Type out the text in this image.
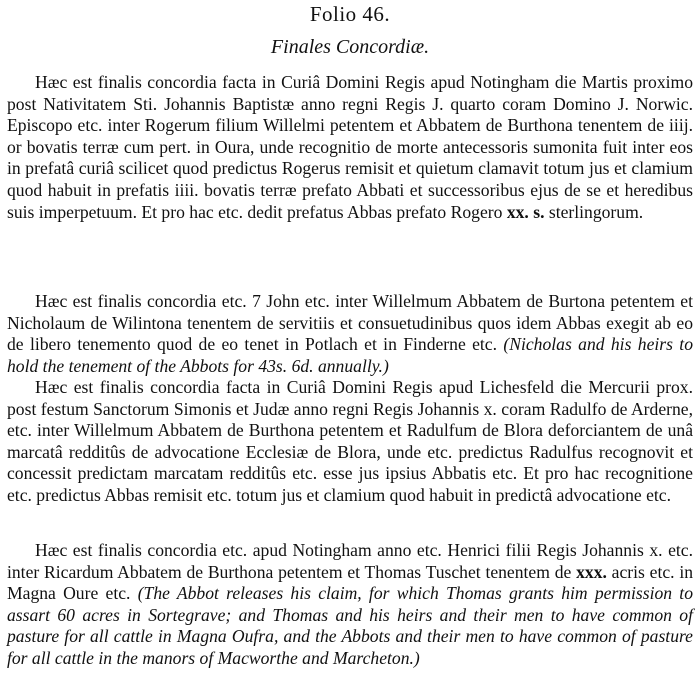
Folio 46.
Finales Concordiæ.

Hæc est finalis concordia facta in Curiâ Domini Regis apud Notingham die Martis proximo post Nativitatem Sti. Johannis Baptistæ anno regni Regis J. quarto coram Domino J. Norwic. Episcopo etc. inter Rogerum filium Willelmi petentem et Abbatem de Burthona tenentem de iiij. or bovatis terræ cum pert. in Oura, unde recognitio de morte antecessoris sumonita fuit inter eos in prefatâ curiâ scilicet quod predictus Rogerus remisit et quietum clamavit totum jus et clamium quod habuit in prefatis iiii. bovatis terræ prefato Abbati et successoribus ejus de se et heredibus suis imperpetuum. Et pro hac etc. dedit prefatus Abbas prefato Rogero xx. s. sterlingorum.

Hæc est finalis concordia etc. 7 John etc. inter Willelmum Abbatem de Burtona petentem et Nicholaum de Wilintona tenentem de servitiis et consuetudinibus quos idem Abbas exegit ab eo de libero tenemento quod de eo tenet in Potlach et in Finderne etc. (Nicholas and his heirs to hold the tenement of the Abbots for 43s. 6d. annually.)

Hæc est finalis concordia facta in Curiâ Domini Regis apud Lichesfeld die Mercurii prox. post festum Sanctorum Simonis et Judæ anno regni Regis Johannis x. coram Radulfo de Arderne, etc. inter Willelmum Abbatem de Burthona petentem et Radulfum de Blora deforciantem de unâ marcatâ redditûs de advocatione Ecclesiæ de Blora, unde etc. predictus Radulfus recognovit et concessit predictam marcatam redditûs etc. esse jus ipsius Abbatis etc. Et pro hac recognitione etc. predictus Abbas remisit etc. totum jus et clamium quod habuit in predictâ advocatione etc.

Hæc est finalis concordia etc. apud Notingham anno etc. Henrici filii Regis Johannis x. etc. inter Ricardum Abbatem de Burthona petentem et Thomas Tuschet tenentem de xxx. acris etc. in Magna Oure etc. (The Abbot releases his claim, for which Thomas grants him permission to assart 60 acres in Sortegrave; and Thomas and his heirs and their men to have common of pasture for all cattle in Magna Oufra, and the Abbots and their men to have common of pasture for all cattle in the manors of Macworthe and Marcheton.)
